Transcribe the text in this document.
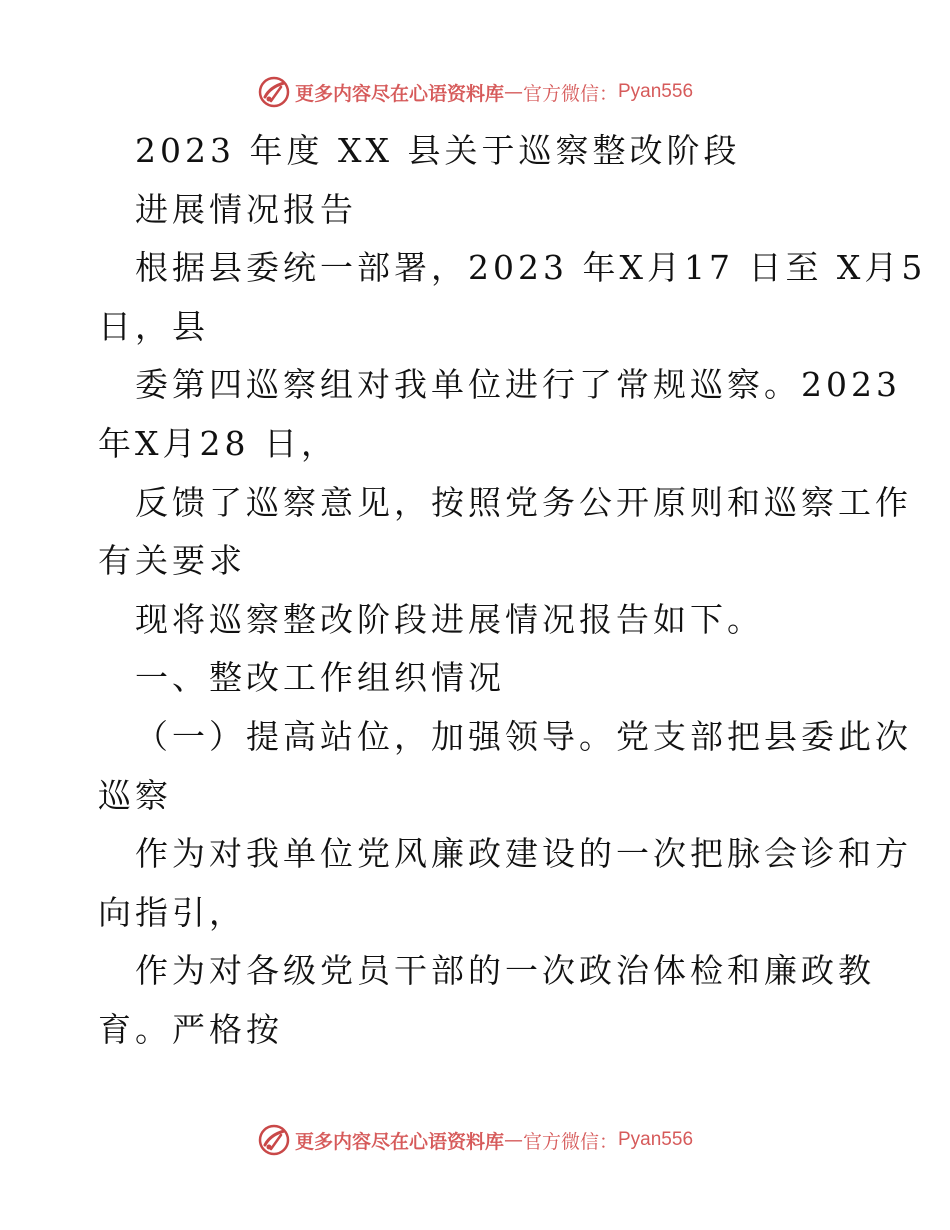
更多内容尽在心语资料库 — 官方微信： Pyan556
2023 年度 XX 县关于巡察整改阶段
进展情况报告
根据县委统一部署，2023 年X月17 日至 X月5
日，县
委第四巡察组对我单位进行了常规巡察。2023
年X月28 日，
反馈了巡察意见，按照党务公开原则和巡察工作
有关要求
现将巡察整改阶段进展情况报告如下。
一、整改工作组织情况
（一）提高站位，加强领导。党支部把县委此次
巡察
作为对我单位党风廉政建设的一次把脉会诊和方
向指引，
作为对各级党员干部的一次政治体检和廉政教
育。严格按
更多内容尽在心语资料库 — 官方微信： Pyan556
